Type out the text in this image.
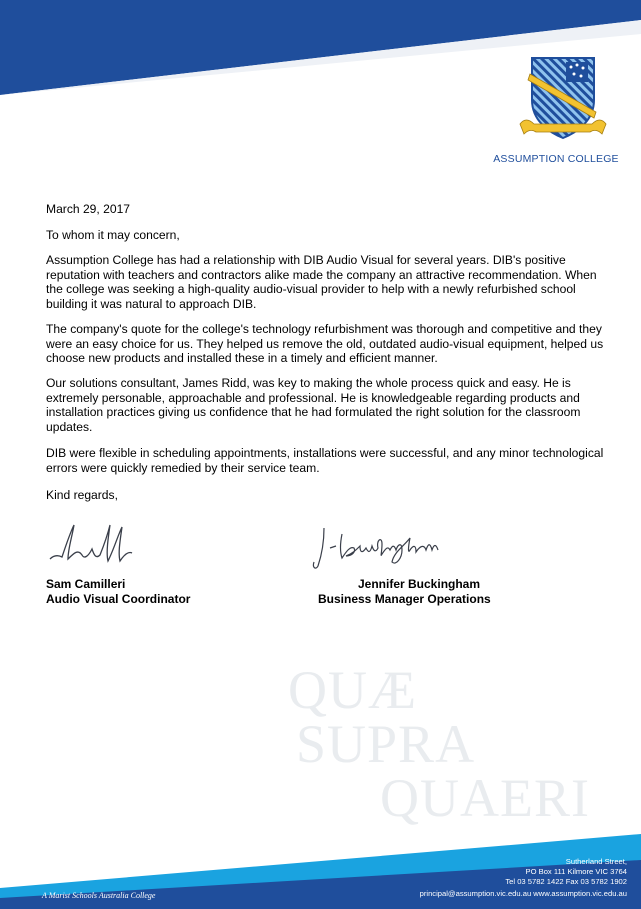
ASSUMPTION COLLEGE
March 29, 2017
To whom it may concern,
Assumption College has had a relationship with DIB Audio Visual for several years. DIB's positive reputation with teachers and contractors alike made the company an attractive recommendation. When the college was seeking a high-quality audio-visual provider to help with a newly refurbished school building it was natural to approach DIB.
The company's quote for the college's technology refurbishment was thorough and competitive and they were an easy choice for us. They helped us remove the old, outdated audio-visual equipment, helped us choose new products and installed these in a timely and efficient manner.
Our solutions consultant, James Ridd, was key to making the whole process quick and easy. He is extremely personable, approachable and professional. He is knowledgeable regarding products and installation practices giving us confidence that he had formulated the right solution for the classroom updates.
DIB were flexible in scheduling appointments, installations were successful, and any minor technological errors were quickly remedied by their service team.
Kind regards,
Sam Camilleri
Audio Visual Coordinator
Jennifer Buckingham
Business Manager Operations
QUÆ
SUPRA
QUAERI
Sutherland Street,
PO Box 111 Kilmore VIC 3764
Tel 03 5782 1422 Fax 03 5782 1902
principal@assumption.vic.edu.au www.assumption.vic.edu.au
A Marist Schools Australia College
